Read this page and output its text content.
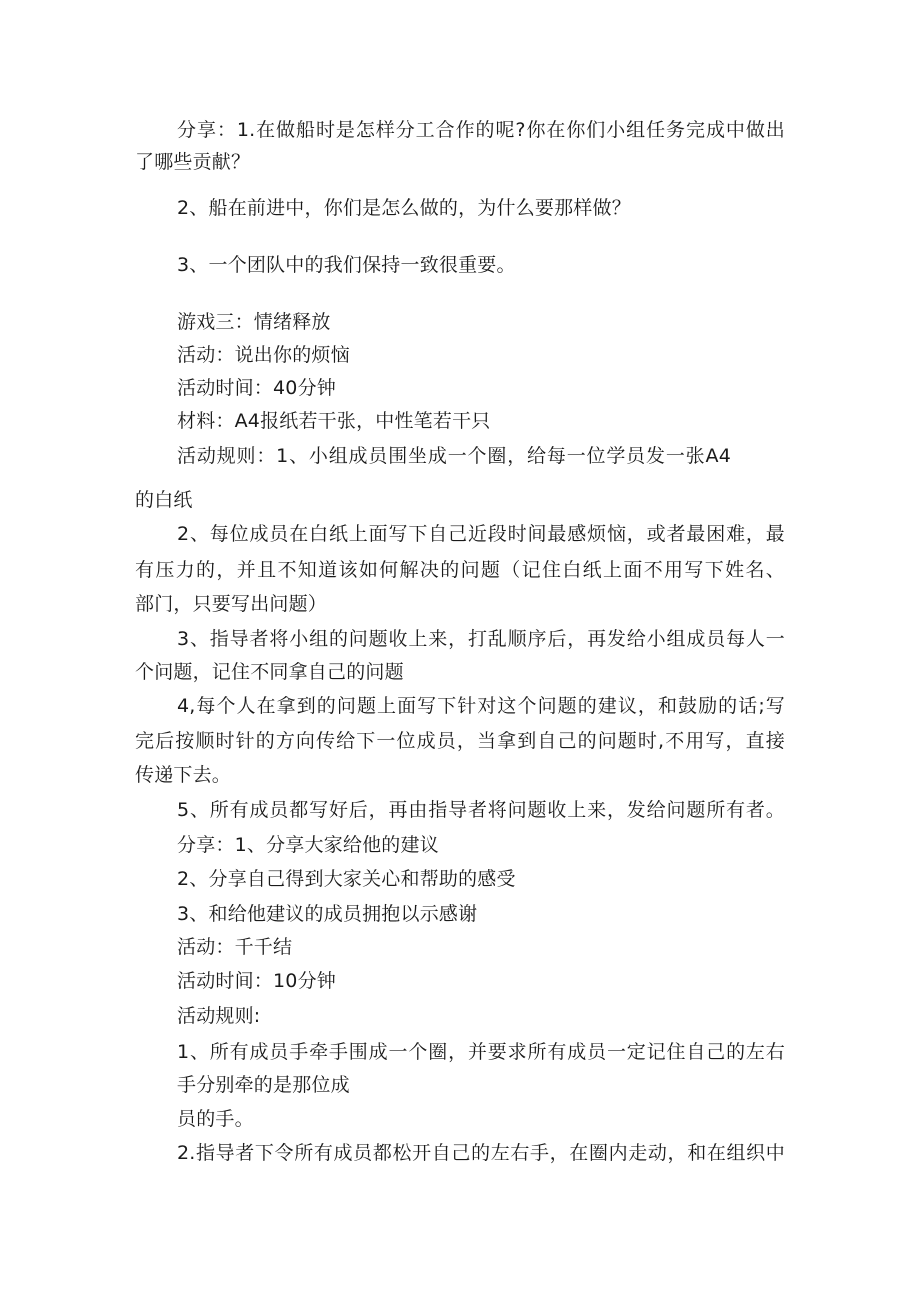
分享：1.在做船时是怎样分工合作的呢?你在你们小组任务完成中做出

了哪些贡献？

2、船在前进中，你们是怎么做的，为什么要那样做？

3、一个团队中的我们保持一致很重要。

游戏三：情绪释放

活动：说出你的烦恼

活动时间：40分钟

材料：A4报纸若干张，中性笔若干只

活动规则：1、小组成员围坐成一个圈，给每一位学员发一张A4

的白纸

2、每位成员在白纸上面写下自己近段时间最感烦恼，或者最困难，最

有压力的，并且不知道该如何解决的问题（记住白纸上面不用写下姓名、

部门，只要写出问题）

3、指导者将小组的问题收上来，打乱顺序后，再发给小组成员每人一

个问题，记住不同拿自己的问题

4,每个人在拿到的问题上面写下针对这个问题的建议，和鼓励的话;写

完后按顺时针的方向传给下一位成员，当拿到自己的问题时,不用写，直接

传递下去。

5、所有成员都写好后，再由指导者将问题收上来，发给问题所有者。

分享：1、分享大家给他的建议

2、分享自己得到大家关心和帮助的感受

3、和给他建议的成员拥抱以示感谢

活动：千千结

活动时间：10分钟

活动规则:

1、所有成员手牵手围成一个圈，并要求所有成员一定记住自己的左右

手分别牵的是那位成

员的手。

2.指导者下令所有成员都松开自己的左右手，在圈内走动，和在组织中
